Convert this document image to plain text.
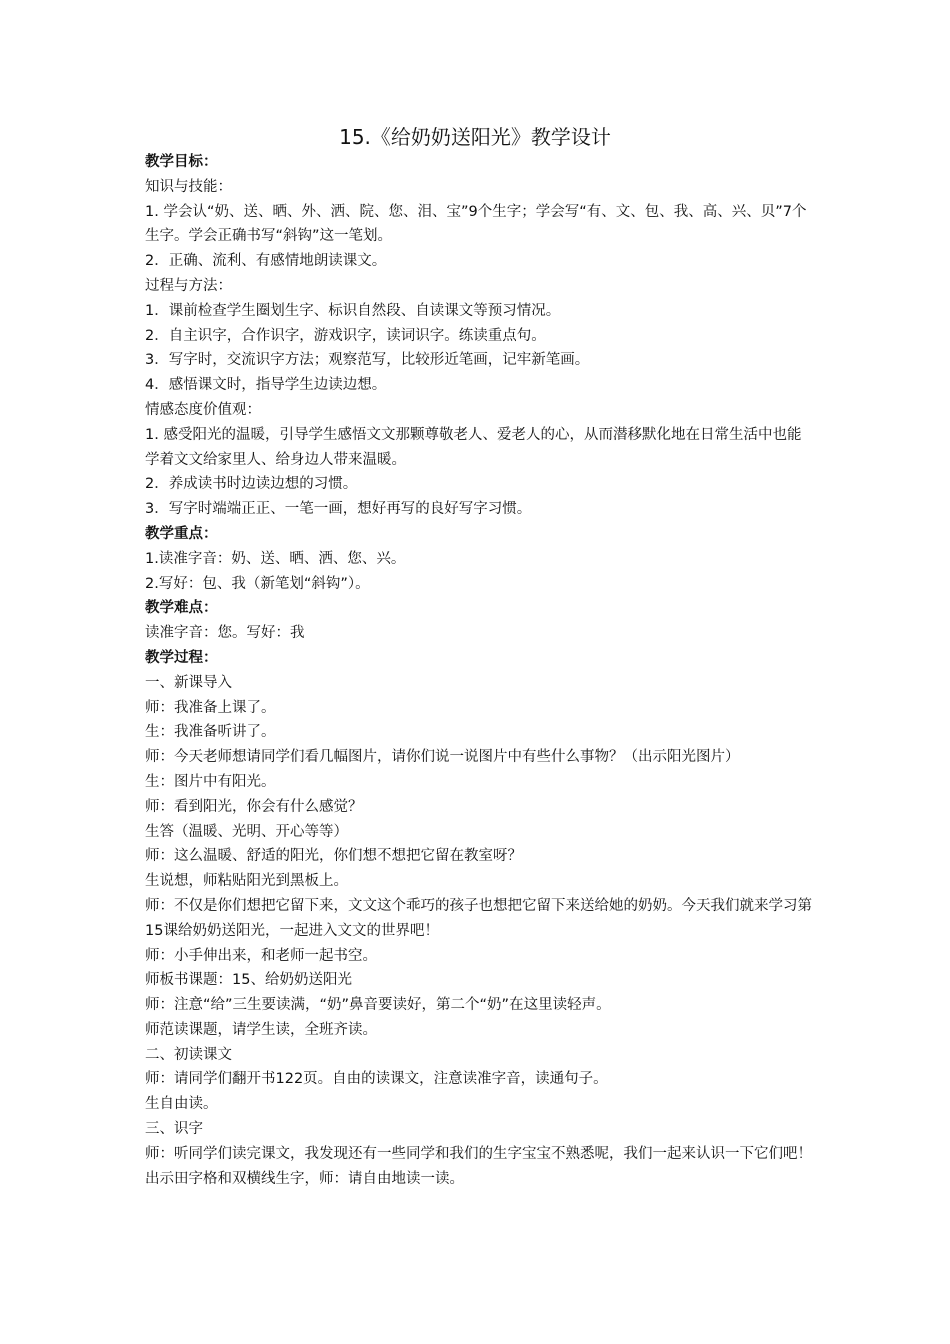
15.《给奶奶送阳光》教学设计
教学目标：
知识与技能：
1. 学会认“奶、送、晒、外、洒、院、您、泪、宝”9个生字；学会写“有、文、包、我、高、兴、贝”7个生字。学会正确书写“斜钩”这一笔划。
2．正确、流利、有感情地朗读课文。
过程与方法：
1．课前检查学生圈划生字、标识自然段、自读课文等预习情况。
2．自主识字，合作识字，游戏识字，读词识字。练读重点句。
3．写字时，交流识字方法；观察范写，比较形近笔画，记牢新笔画。
4．感悟课文时，指导学生边读边想。
情感态度价值观：
1. 感受阳光的温暖，引导学生感悟文文那颗尊敬老人、爱老人的心，从而潜移默化地在日常生活中也能学着文文给家里人、给身边人带来温暖。
2．养成读书时边读边想的习惯。
3．写字时端端正正、一笔一画，想好再写的良好写字习惯。
教学重点：
1.读准字音：奶、送、晒、洒、您、兴。
2.写好：包、我（新笔划“斜钩”）。
教学难点：
读准字音：您。写好：我
教学过程：
一、新课导入
师：我准备上课了。
生：我准备听讲了。
师：今天老师想请同学们看几幅图片，请你们说一说图片中有些什么事物？（出示阳光图片）
生：图片中有阳光。
师：看到阳光，你会有什么感觉？
生答（温暖、光明、开心等等）
师：这么温暖、舒适的阳光，你们想不想把它留在教室呀？
生说想，师粘贴阳光到黑板上。
师：不仅是你们想把它留下来，文文这个乖巧的孩子也想把它留下来送给她的奶奶。今天我们就来学习第15课给奶奶送阳光，一起进入文文的世界吧！
师：小手伸出来，和老师一起书空。
师板书课题：15、给奶奶送阳光
师：注意“给”三生要读满，“奶”鼻音要读好，第二个“奶”在这里读轻声。
师范读课题，请学生读，全班齐读。
二、初读课文
师：请同学们翻开书122页。自由的读课文，注意读准字音，读通句子。
生自由读。
三、识字
师：听同学们读完课文，我发现还有一些同学和我们的生字宝宝不熟悉呢，我们一起来认识一下它们吧！
出示田字格和双横线生字，师：请自由地读一读。
